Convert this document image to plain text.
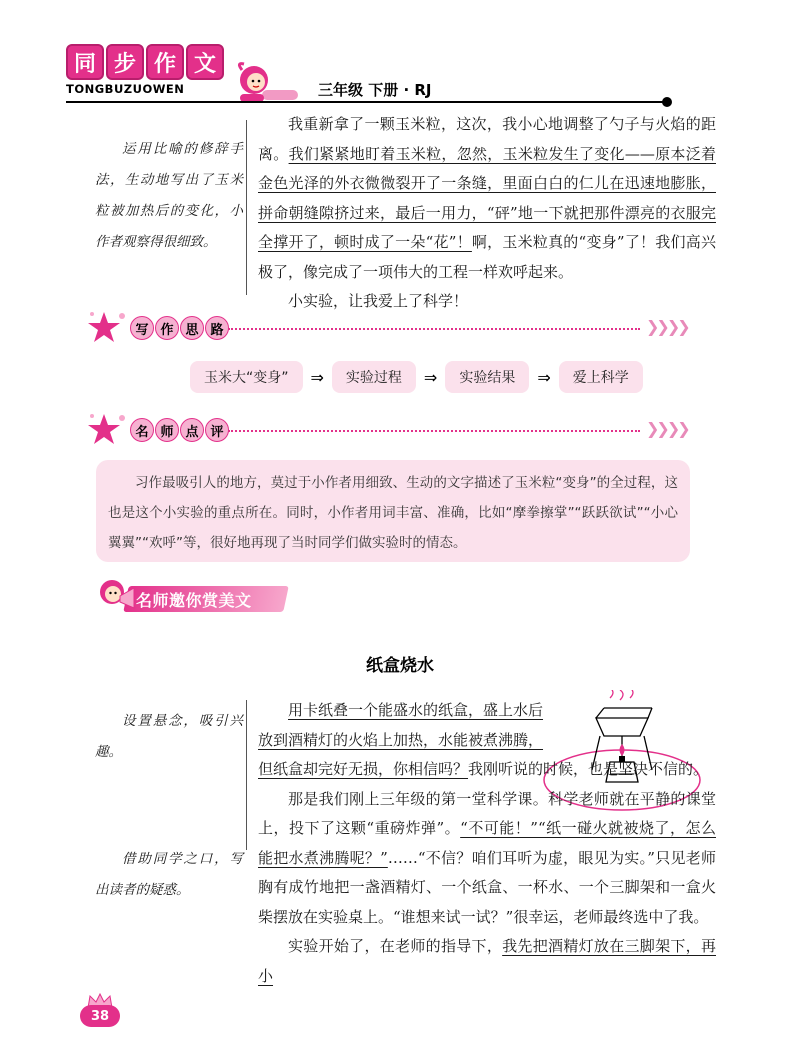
同 步 作 文
TONGBUZUOWEN	三年级 下册 · RJ
运用比喻的修辞手法，生动地写出了玉米粒被加热后的变化，小作者观察得很细致。

我重新拿了一颗玉米粒，这次，我小心地调整了勺子与火焰的距离。我们紧紧地盯着玉米粒，忽然，玉米粒发生了变化——原本泛着金色光泽的外衣微微裂开了一条缝，里面白白的仁儿在迅速地膨胀，拼命朝缝隙挤过来，最后一用力，“砰”地一下就把那件漂亮的衣服完全撑开了，顿时成了一朵“花”！啊，玉米粒真的“变身”了！我们高兴极了，像完成了一项伟大的工程一样欢呼起来。

小实验，让我爱上了科学！

写 作 思 路	❯❯❯❯
玉米大“变身”	⇒	实验过程	⇒	实验结果	⇒	爱上科学
名 师 点 评	❯❯❯❯

习作最吸引人的地方，莫过于小作者用细致、生动的文字描述了玉米粒“变身”的全过程，这也是这个小实验的重点所在。同时，小作者用词丰富、准确，比如“摩拳擦掌”“跃跃欲试”“小心翼翼”“欢呼”等，很好地再现了当时同学们做实验时的情态。

名师邀你赏美文
纸盒烧水
设置悬念，吸引兴趣。
借助同学之口，写出读者的疑惑。

用卡纸叠一个能盛水的纸盒，盛上水后
放到酒精灯的火焰上加热，水能被煮沸腾，
但纸盒却完好无损，你相信吗？我刚听说的时候，也是坚决不信的。

那是我们刚上三年级的第一堂科学课。科学老师就在平静的课堂上，投下了这颗“重磅炸弹”。“不可能！”“纸一碰火就被烧了，怎么能把水煮沸腾呢？”……“不信？咱们耳听为虚，眼见为实。”只见老师胸有成竹地把一盏酒精灯、一个纸盒、一杯水、一个三脚架和一盒火柴摆放在实验桌上。“谁想来试一试？”很幸运，老师最终选中了我。

实验开始了，在老师的指导下，我先把酒精灯放在三脚架下，再小

38
